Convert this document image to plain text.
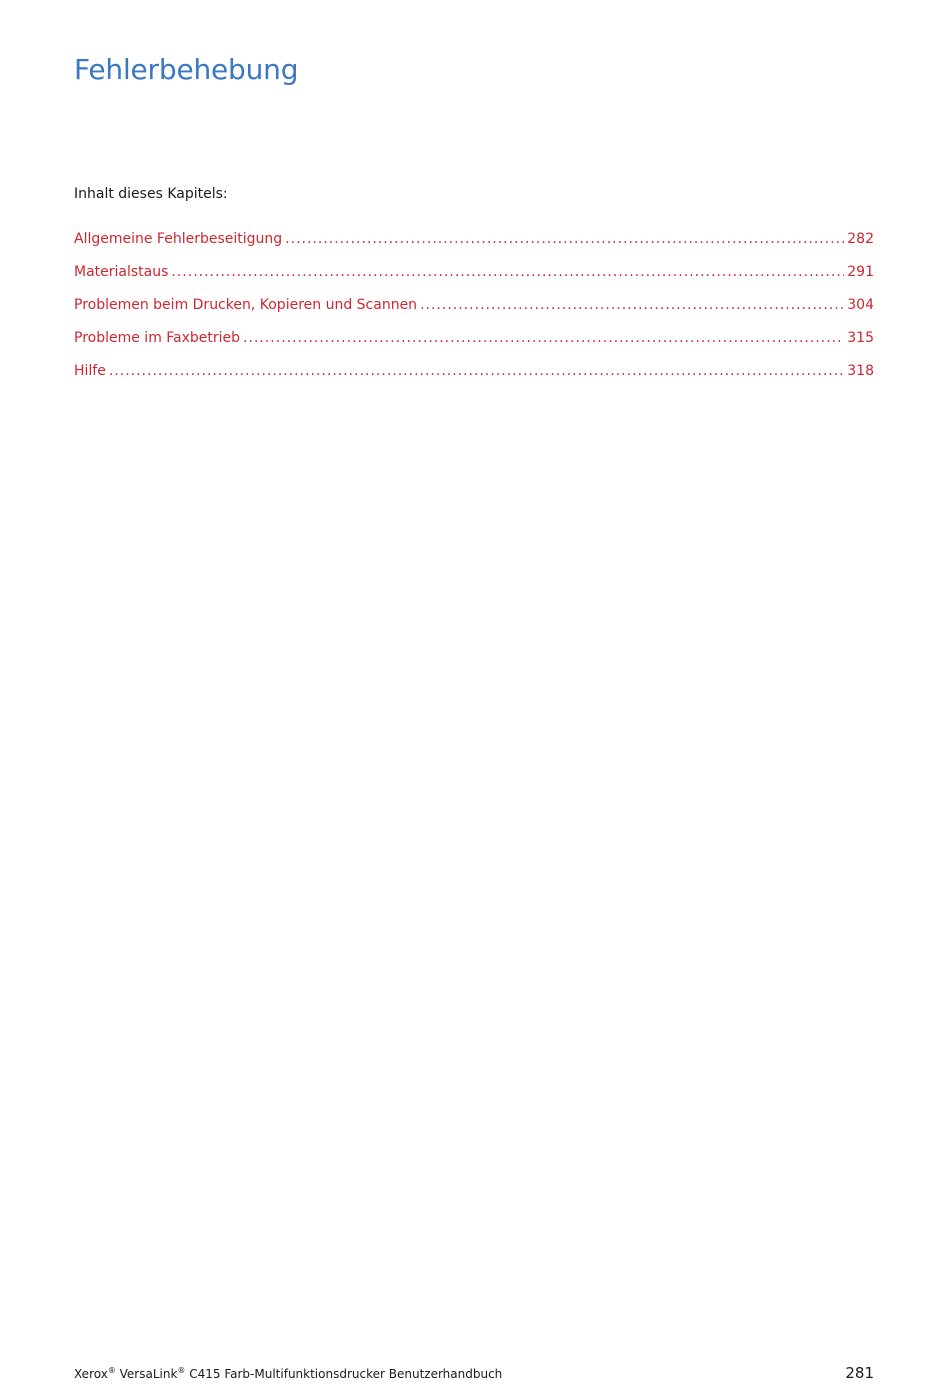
Fehlerbehebung

Inhalt dieses Kapitels:

Allgemeine Fehlerbeseitigung .....	282
Materialstaus .....	291
Problemen beim Drucken, Kopieren und Scannen .....	304
Probleme im Faxbetrieb .....	315
Hilfe .....	318
Xerox® VersaLink® C415 Farb-Multifunktionsdrucker Benutzerhandbuch	281
